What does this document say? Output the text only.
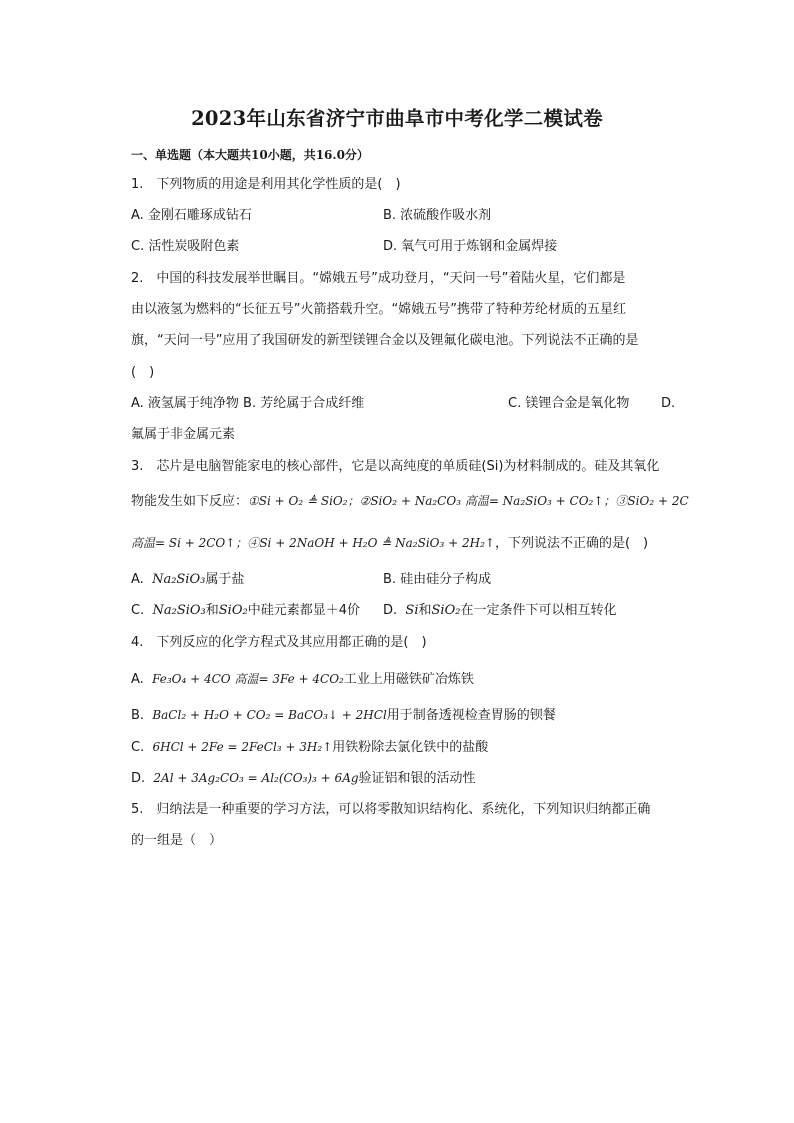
2023年山东省济宁市曲阜市中考化学二模试卷
一、单选题（本大题共10小题，共16.0分）
1.　下列物质的用途是利用其化学性质的是(　)
A. 金刚石雕琢成钻石	B. 浓硫酸作吸水剂
C. 活性炭吸附色素	D. 氧气可用于炼钢和金属焊接
2.　中国的科技发展举世瞩目。“嫦娥五号”成功登月，“天问一号”着陆火星，它们都是
由以液氢为燃料的“长征五号”火箭搭载升空。“嫦娥五号”携带了特种芳纶材质的五星红
旗，“天问一号”应用了我国研发的新型镁锂合金以及锂氟化碳电池。下列说法不正确的是
(　)
A. 液氢属于纯净物 B. 芳纶属于合成纤维	C. 镁锂合金是氧化物 D.
氟属于非金属元素
3.　芯片是电脑智能家电的核心部件，它是以高纯度的单质硅(Si)为材料制成的。硅及其氧化
物能发生如下反应：①Si + O₂ ≜ SiO₂；②SiO₂ + Na₂CO₃ 高温= Na₂SiO₃ + CO₂↑；③SiO₂ + 2C
高温= Si + 2CO↑；④Si + 2NaOH + H₂O ≜ Na₂SiO₃ + 2H₂↑，下列说法不正确的是(　)
A.  Na₂SiO₃属于盐	B. 硅由硅分子构成
C.  Na₂SiO₃和SiO₂中硅元素都显＋4价 D.  Si和SiO₂在一定条件下可以相互转化
4.　下列反应的化学方程式及其应用都正确的是(　)
A.  Fe₃O₄ + 4CO 高温= 3Fe + 4CO₂工业上用磁铁矿冶炼铁
B.  BaCl₂ + H₂O + CO₂ = BaCO₃↓ + 2HCl用于制备透视检查胃肠的钡餐
C.  6HCl + 2Fe = 2FeCl₃ + 3H₂↑用铁粉除去氯化铁中的盐酸
D.  2Al + 3Ag₂CO₃ = Al₂(CO₃)₃ + 6Ag验证铝和银的活动性
5.　归纳法是一种重要的学习方法，可以将零散知识结构化、系统化，下列知识归纳都正确
的一组是（　）
